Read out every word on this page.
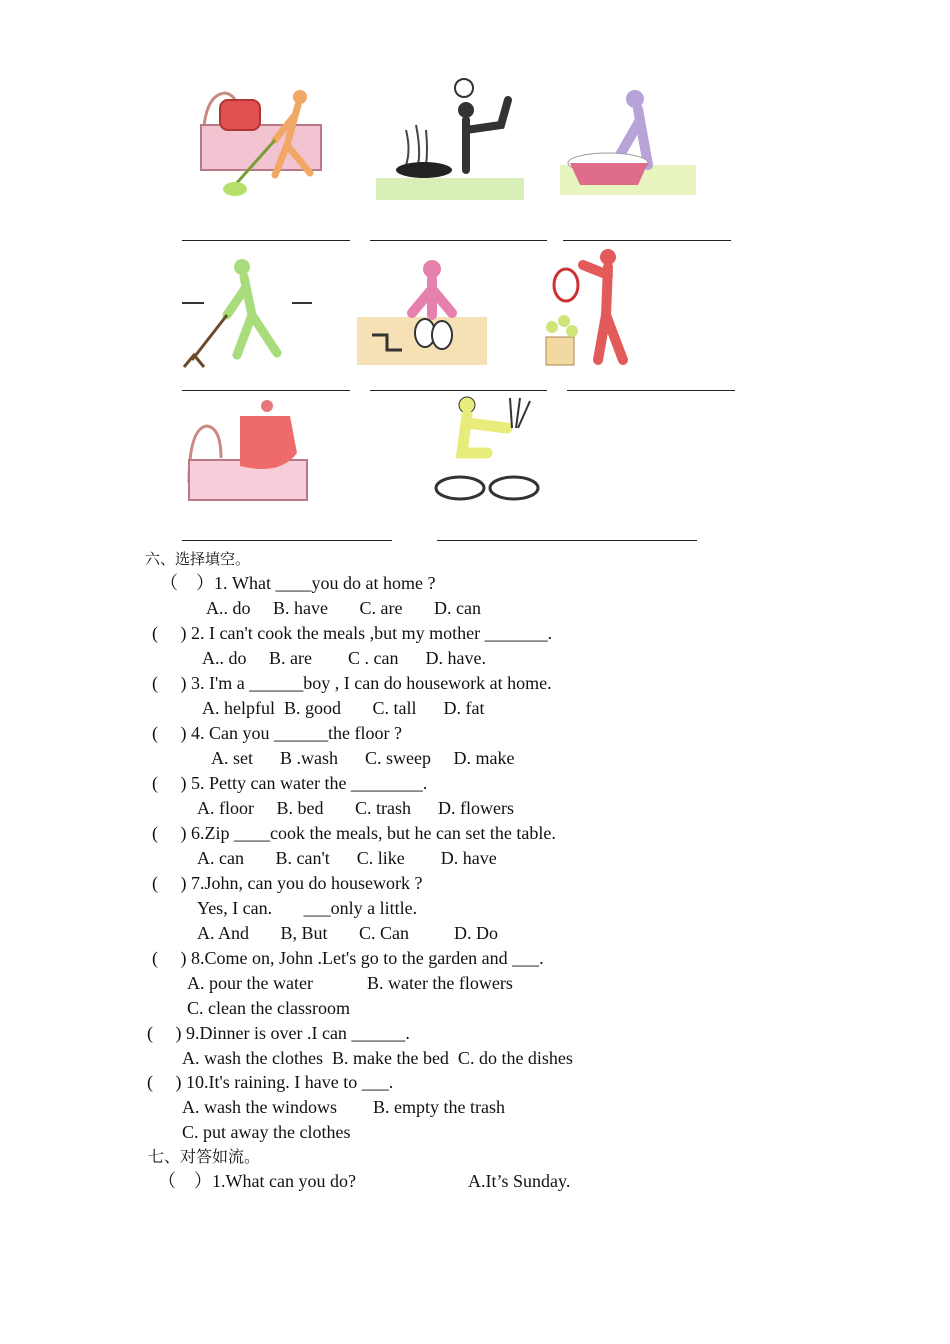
六、选择填空。
（    ）1. What ____you do at home ?
A.. do     B. have       C. are       D. can
(     ) 2. I can't cook the meals ,but my mother _______.
A.. do     B. are        C . can      D. have.
(     ) 3. I'm a ______boy , I can do housework at home.
A. helpful  B. good       C. tall      D. fat
(     ) 4. Can you ______the floor ?
A. set      B .wash      C. sweep     D. make
(     ) 5. Petty can water the ________.
A. floor     B. bed       C. trash      D. flowers
(     ) 6.Zip ____cook the meals, but he can set the table.
A. can       B. can't      C. like        D. have
(     ) 7.John, can you do housework ?
Yes, I can.       ___only a little.
A. And       B, But       C. Can          D. Do
(     ) 8.Come on, John .Let's go to the garden and ___.
A. pour the water            B. water the flowers
C. clean the classroom
(     ) 9.Dinner is over .I can ______.
A. wash the clothes  B. make the bed  C. do the dishes
(     ) 10.It's raining. I have to ___.
A. wash the windows        B. empty the trash
C. put away the clothes
七、对答如流。
（    ）1.What can you do?	A.It’s Sunday.
